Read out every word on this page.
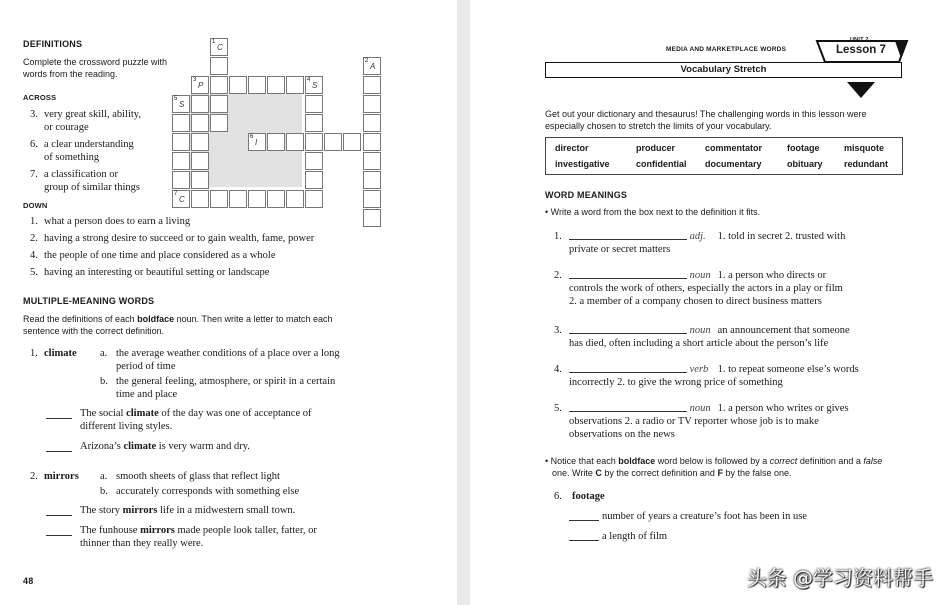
DEFINITIONS
Complete the crossword puzzle with
words from the reading.
ACROSS
3. very great skill, ability,
or courage
6. a clear understanding
of something
7. a classification or
group of similar things
DOWN
1. what a person does to earn a living
2. having a strong desire to succeed or to gain wealth, fame, power
4. the people of one time and place considered as a whole
5. having an interesting or beautiful setting or landscape
1
C
3
P
4
S
5
S
6
I
7
C
2
A
MULTIPLE-MEANING WORDS
Read the definitions of each boldface noun. Then write a letter to match each
sentence with the correct definition.
1. climate a. the average weather conditions of a place over a long
period of time
b. the general feeling, atmosphere, or spirit in a certain
time and place
The social climate of the day was one of acceptance of
different living styles.
Arizona’s climate is very warm and dry.
2. mirrors a. smooth sheets of glass that reflect light
b. accurately corresponds with something else
The story mirrors life in a midwestern small town.
The funhouse mirrors made people look taller, fatter, or
thinner than they really were.
48
MEDIA AND MARKETPLACE WORDS
UNIT 2
Lesson 7
Vocabulary Stretch
Get out your dictionary and thesaurus! The challenging words in this lesson were
especially chosen to stretch the limits of your vocabulary.
director	producer	commentator	footage	misquote
investigative	confidential documentary	obituary redundant
WORD MEANINGS
• Write a word from the box next to the definition it fits.
1.	adj. 1. told in secret 2. trusted with
private or secret matters
2.	noun 1. a person who directs or
controls the work of others, especially the actors in a play or film
2. a member of a company chosen to direct business matters
3.	noun an announcement that someone
has died, often including a short article about the person’s life
4.	verb 1. to repeat someone else’s words
incorrectly 2. to give the wrong price of something
5.	noun 1. a person who writes or gives
observations 2. a radio or TV reporter whose job is to make
observations on the news
• Notice that each boldface word below is followed by a correct definition and a false
one. Write C by the correct definition and F by the false one.
6. footage
number of years a creature’s foot has been in use
a length of film
头条 @学习资料帮手
